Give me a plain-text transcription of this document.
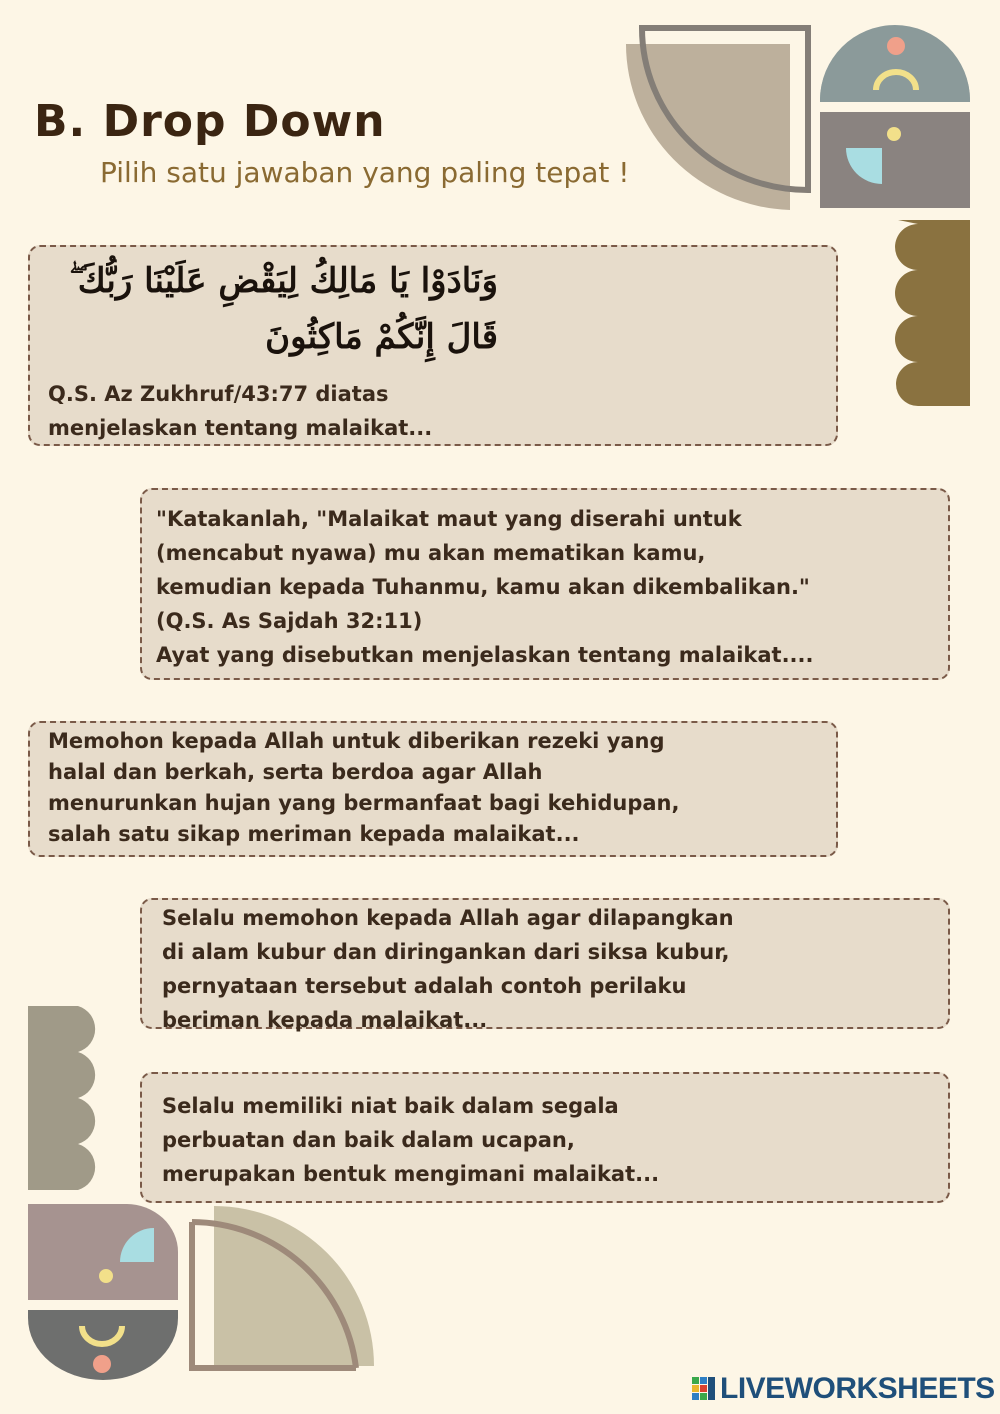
B. Drop Down
Pilih satu jawaban yang paling tepat !
وَنَادَوْا يَا مَالِكُ لِيَقْضِ عَلَيْنَا رَبُّكَ ۖ
قَالَ إِنَّكُمْ مَاكِثُونَ
Q.S. Az Zukhruf/43:77 diatas
menjelaskan tentang malaikat...
"Katakanlah, "Malaikat maut yang diserahi untuk
(mencabut nyawa) mu akan mematikan kamu,
kemudian kepada Tuhanmu, kamu akan dikembalikan."
(Q.S. As Sajdah 32:11)
Ayat yang disebutkan menjelaskan tentang malaikat....
Memohon kepada Allah untuk diberikan rezeki yang
halal dan berkah, serta berdoa agar Allah
menurunkan hujan yang bermanfaat bagi kehidupan,
salah satu sikap meriman kepada malaikat...
Selalu memohon kepada Allah agar dilapangkan
di alam kubur dan diringankan dari siksa kubur,
pernyataan tersebut adalah contoh perilaku
beriman kepada malaikat...
Selalu memiliki niat baik dalam segala
perbuatan dan baik dalam ucapan,
merupakan bentuk mengimani malaikat...
LIVEWORKSHEETS
